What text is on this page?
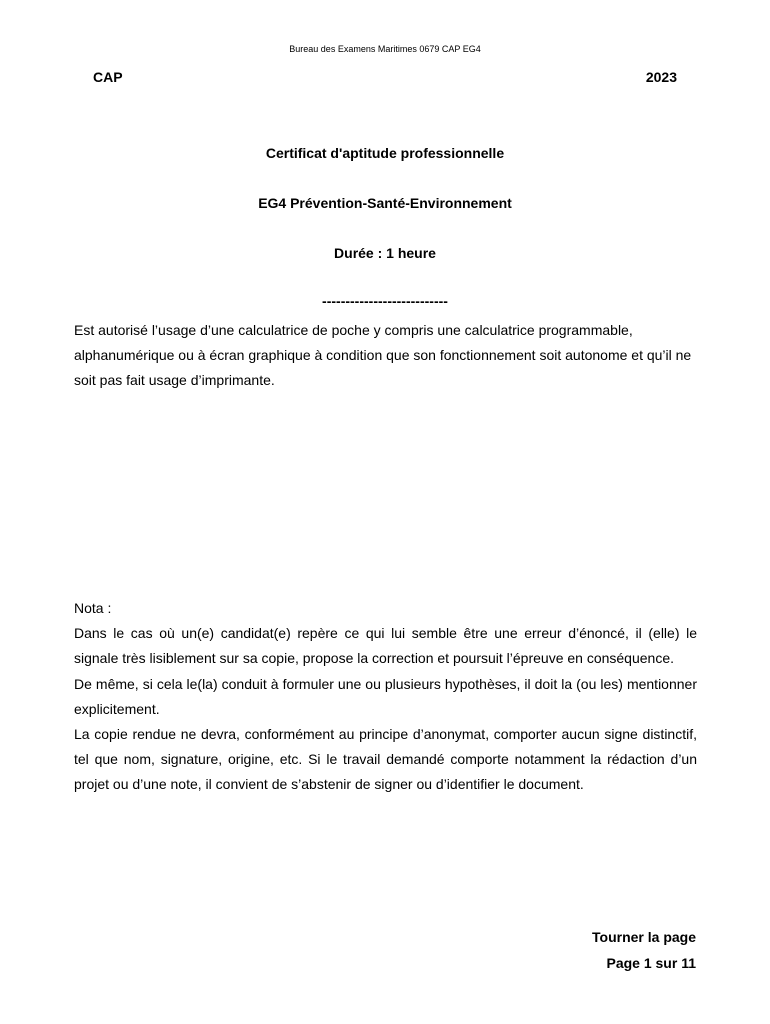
Bureau des Examens Maritimes 0679 CAP EG4
CAP	2023
Certificat d'aptitude professionnelle
EG4 Prévention-Santé-Environnement
Durée : 1 heure
---------------------------
Est autorisé l’usage d’une calculatrice de poche y compris une calculatrice programmable, alphanumérique ou à écran graphique à condition que son fonctionnement soit autonome et qu’il ne soit pas fait usage d’imprimante.

Nota :

Dans le cas où un(e) candidat(e) repère ce qui lui semble être une erreur d’énoncé, il (elle) le signale très lisiblement sur sa copie, propose la correction et poursuit l’épreuve en conséquence.

De même, si cela le(la) conduit à formuler une ou plusieurs hypothèses, il doit la (ou les) mentionner explicitement.

La copie rendue ne devra, conformément au principe d’anonymat, comporter aucun signe distinctif, tel que nom, signature, origine, etc. Si le travail demandé comporte notamment la rédaction d’un projet ou d’une note, il convient de s’abstenir de signer ou d’identifier le document.

Tourner la page
Page 1 sur 11
